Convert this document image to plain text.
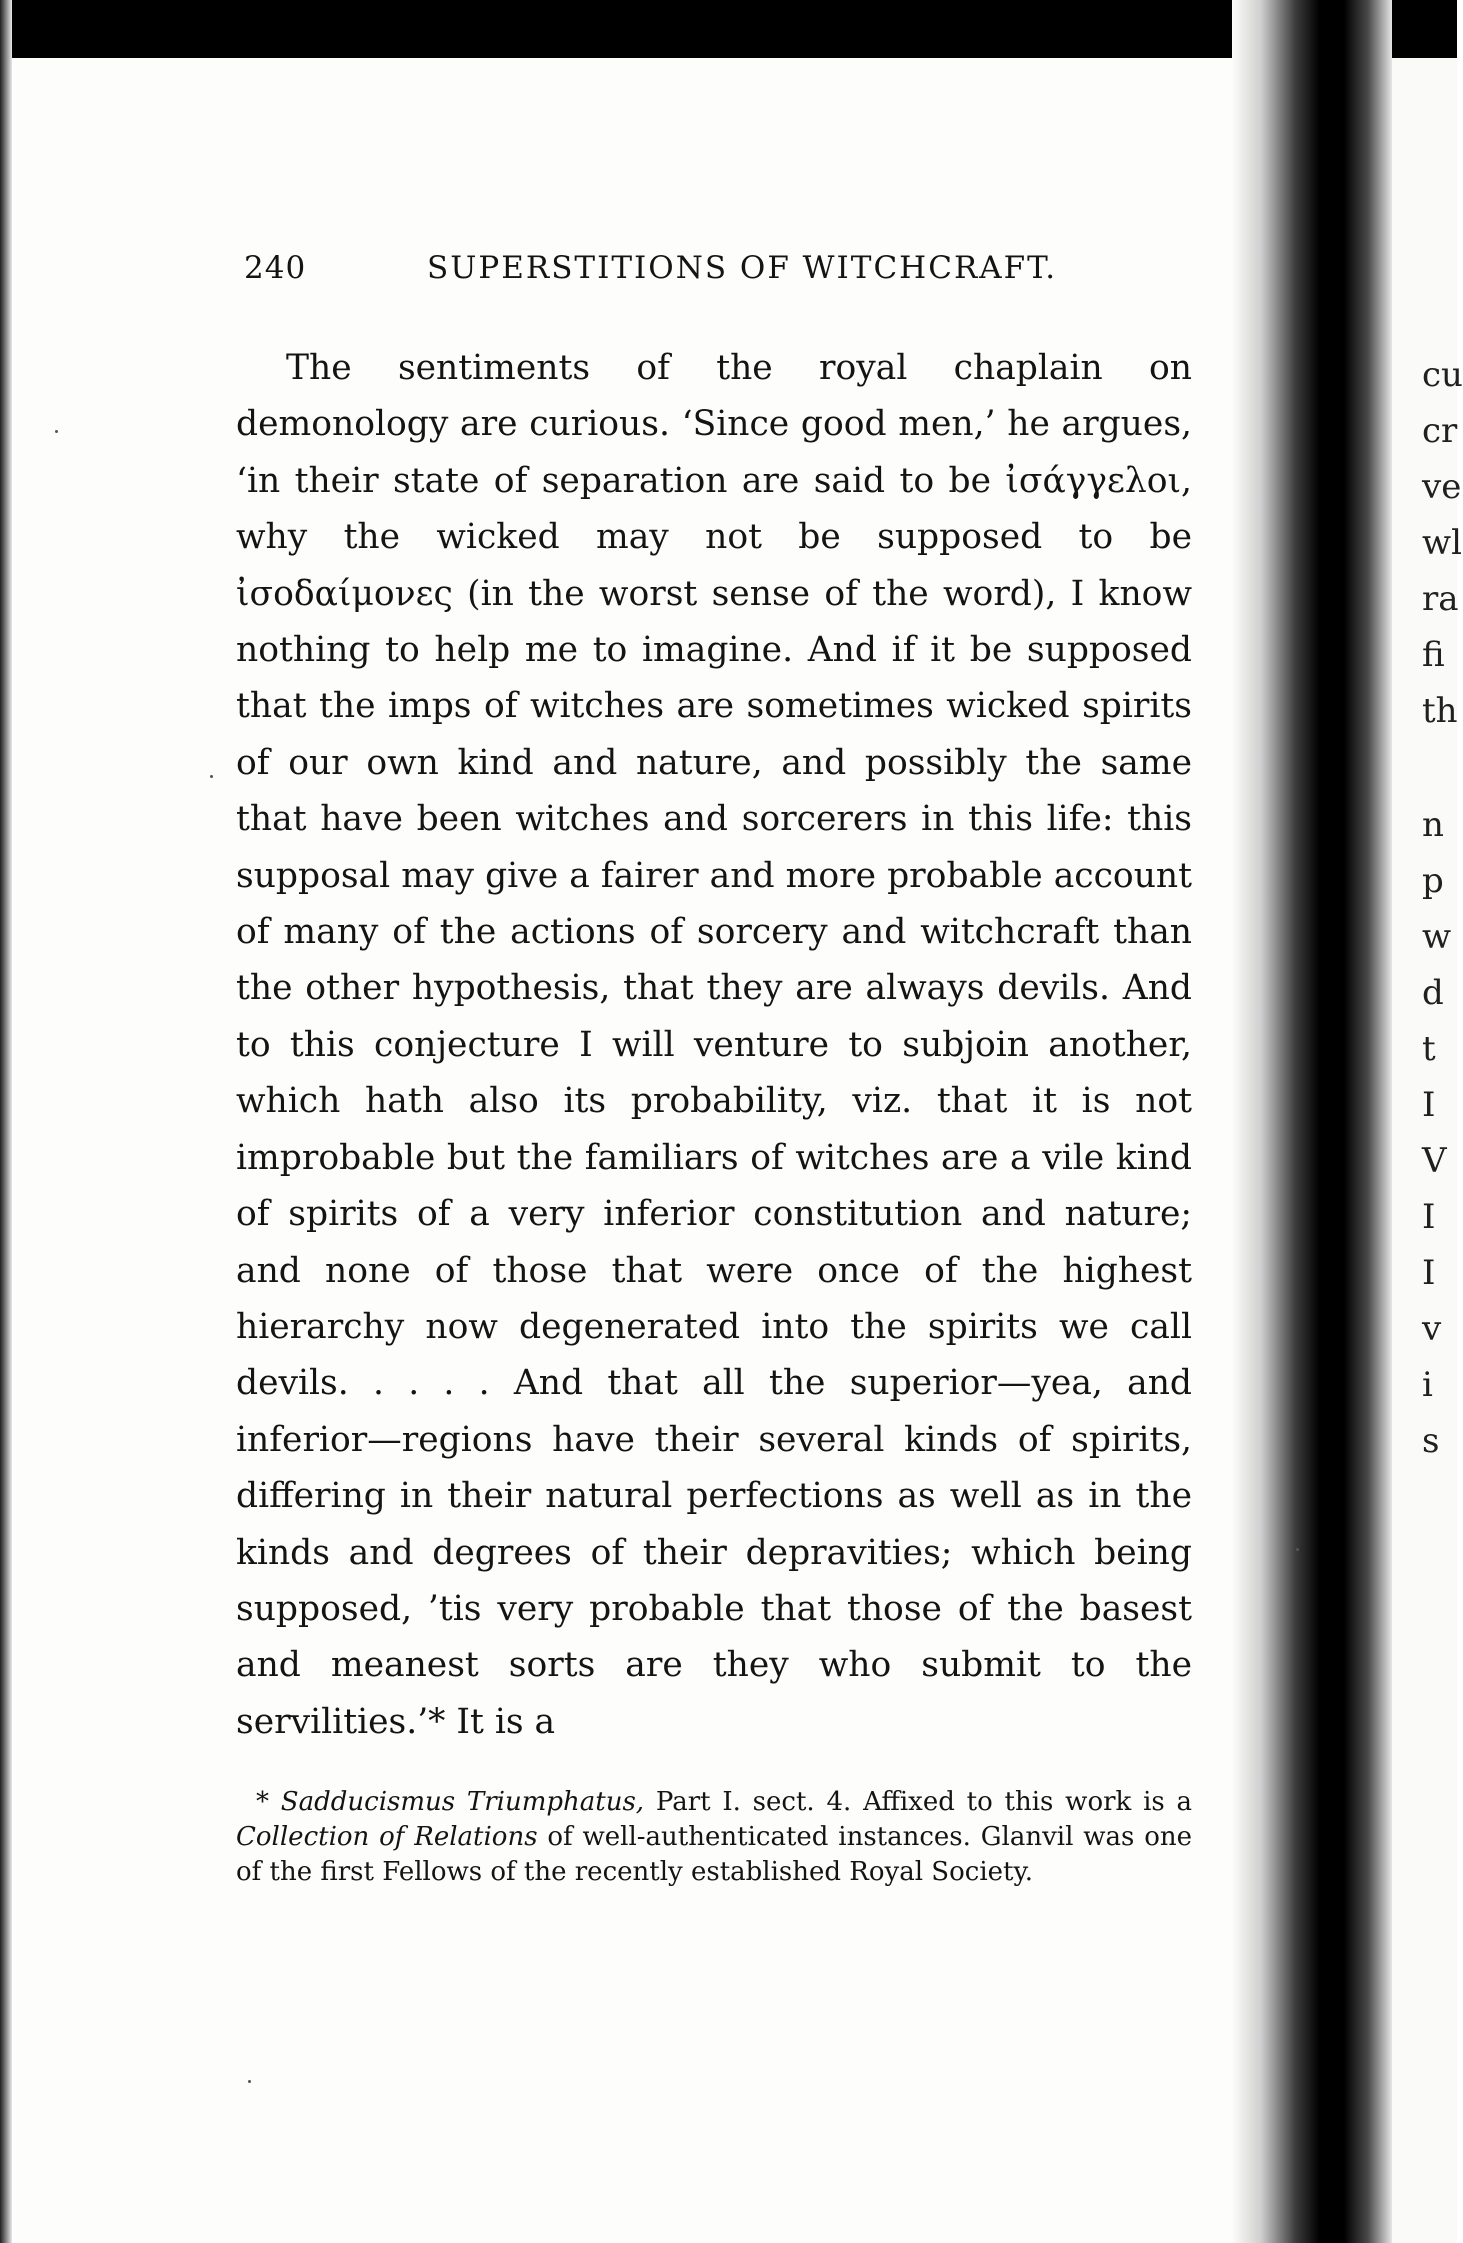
240	SUPERSTITIONS OF WITCHCRAFT.

The sentiments of the royal chaplain on demonology are curious. ‘Since good men,’ he argues, ‘in their state of separation are said to be ἰσάγγελοι, why the wicked may not be supposed to be ἰσοδαίμονες (in the worst sense of the word), I know nothing to help me to imagine. And if it be supposed that the imps of witches are sometimes wicked spirits of our own kind and nature, and possibly the same that have been witches and sorcerers in this life: this supposal may give a fairer and more probable account of many of the actions of sorcery and witchcraft than the other hypothesis, that they are always devils. And to this conjecture I will venture to subjoin another, which hath also its probability, viz. that it is not improbable but the familiars of witches are a vile kind of spirits of a very inferior constitution and nature; and none of those that were once of the highest hierarchy now degenerated into the spirits we call devils. . . . . And that all the superior—yea, and inferior—regions have their several kinds of spirits, differing in their natural perfections as well as in the kinds and degrees of their depravities; which being supposed, ’tis very probable that those of the basest and meanest sorts are they who submit to the servilities.’* It is a

* Sadducismus Triumphatus, Part I. sect. 4. Affixed to this work is a Collection of Relations of well-authenticated instances. Glanvil was one of the first Fellows of the recently established Royal Society.

cu
cr
ve
wl
ra
fi
th
n
p
w
d
t
I
V
I
I
v
i
s
